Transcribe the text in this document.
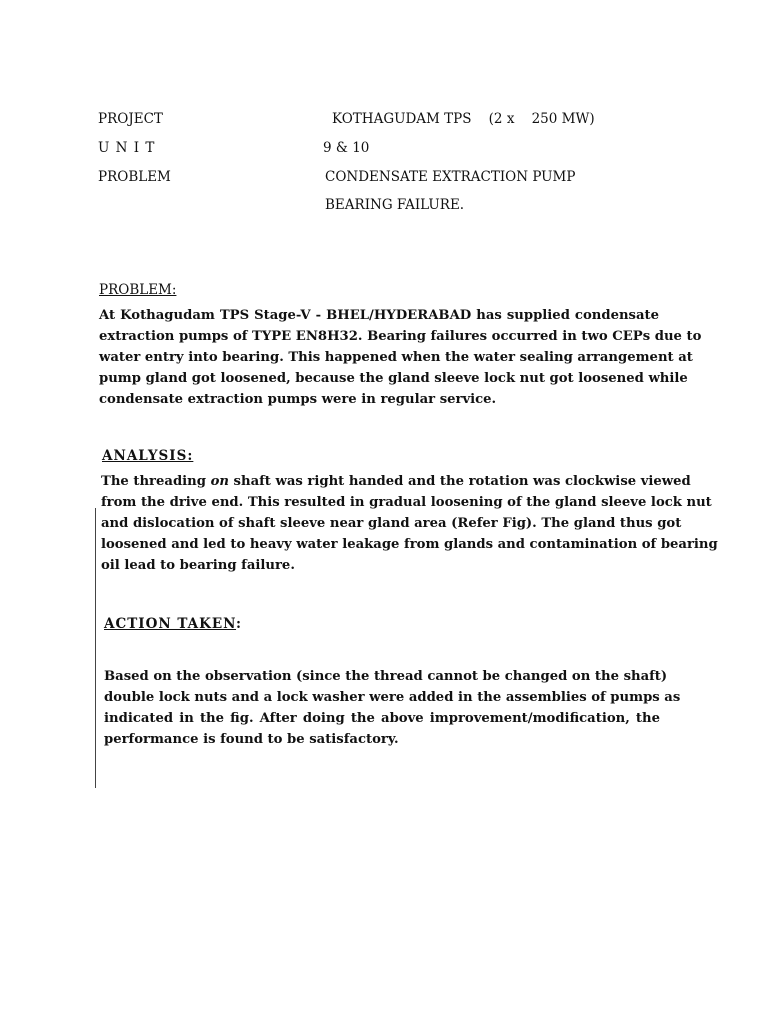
PROJECT	KOTHAGUDAM TPS    (2 x    250 MW)
U N I T	9 & 10
PROBLEM	CONDENSATE EXTRACTION PUMP
BEARING FAILURE.
PROBLEM:
At Kothagudam TPS Stage-V - BHEL/HYDERABAD has supplied condensate
extraction pumps of TYPE EN8H32. Bearing failures occurred in two CEPs due to
water entry into bearing. This happened when the water sealing arrangement at
pump gland got loosened, because the gland sleeve lock nut got loosened while
condensate extraction pumps were in regular service.
ANALYSIS:
The threading on shaft was right handed and the rotation was clockwise viewed
from the drive end. This resulted in gradual loosening of the gland sleeve lock nut
and dislocation of shaft sleeve near gland area (Refer Fig). The gland thus got
loosened and led to heavy water leakage from glands and contamination of bearing
oil lead to bearing failure.
ACTION TAKEN:
Based on the observation (since the thread cannot be changed on the shaft)
double lock nuts and a lock washer were added in the assemblies of pumps as
indicated in the fig. After doing the above improvement/modification, the
performance is found to be satisfactory.
